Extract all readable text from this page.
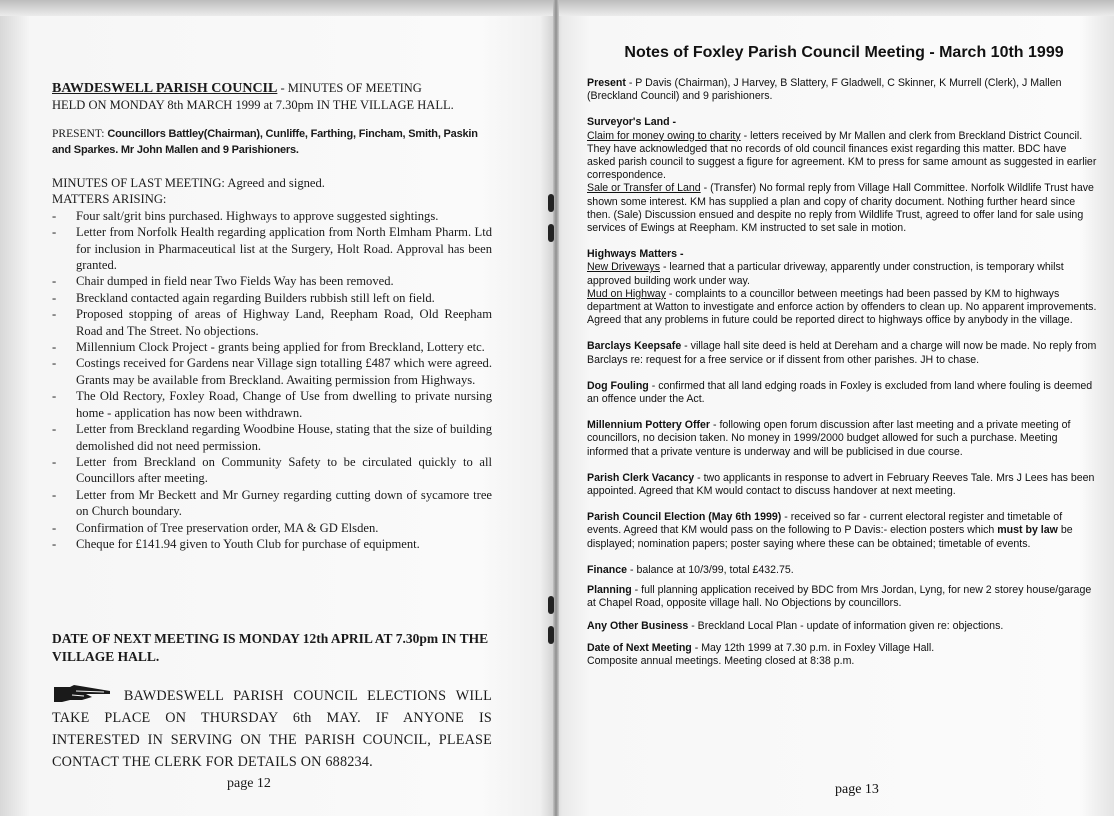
BAWDESWELL PARISH COUNCIL - MINUTES OF MEETING
HELD ON MONDAY 8th MARCH 1999 at 7.30pm IN THE VILLAGE HALL.
PRESENT: Councillors Battley(Chairman), Cunliffe, Farthing, Fincham, Smith, Paskin and Sparkes. Mr John Mallen and 9 Parishioners.
MINUTES OF LAST MEETING: Agreed and signed.
MATTERS ARISING:
- Four salt/grit bins purchased. Highways to approve suggested sightings.
- Letter from Norfolk Health regarding application from North Elmham Pharm. Ltd for inclusion in Pharmaceutical list at the Surgery, Holt Road. Approval has been granted.
- Chair dumped in field near Two Fields Way has been removed.
- Breckland contacted again regarding Builders rubbish still left on field.
- Proposed stopping of areas of Highway Land, Reepham Road, Old Reepham Road and The Street. No objections.
- Millennium Clock Project - grants being applied for from Breckland, Lottery etc.
- Costings received for Gardens near Village sign totalling £487 which were agreed. Grants may be available from Breckland. Awaiting permission from Highways.
- The Old Rectory, Foxley Road, Change of Use from dwelling to private nursing home - application has now been withdrawn.
- Letter from Breckland regarding Woodbine House, stating that the size of building demolished did not need permission.
- Letter from Breckland on Community Safety to be circulated quickly to all Councillors after meeting.
- Letter from Mr Beckett and Mr Gurney regarding cutting down of sycamore tree on Church boundary.
- Confirmation of Tree preservation order, MA & GD Elsden.
- Cheque for £141.94 given to Youth Club for purchase of equipment.
DATE OF NEXT MEETING IS MONDAY 12th APRIL AT 7.30pm IN THE VILLAGE HALL.
BAWDESWELL PARISH COUNCIL ELECTIONS WILL TAKE PLACE ON THURSDAY 6th MAY. IF ANYONE IS INTERESTED IN SERVING ON THE PARISH COUNCIL, PLEASE CONTACT THE CLERK FOR DETAILS ON 688234.
page 12
Notes of Foxley Parish Council Meeting - March 10th 1999

Present - P Davis (Chairman), J Harvey, B Slattery, F Gladwell, C Skinner, K Murrell (Clerk), J Mallen (Breckland Council) and 9 parishioners.

Surveyor's Land -

Claim for money owing to charity - letters received by Mr Mallen and clerk from Breckland District Council. They have acknowledged that no records of old council finances exist regarding this matter. BDC have asked parish council to suggest a figure for agreement. KM to press for same amount as suggested in earlier correspondence.

Sale or Transfer of Land - (Transfer) No formal reply from Village Hall Committee. Norfolk Wildlife Trust have shown some interest. KM has supplied a plan and copy of charity document. Nothing further heard since then. (Sale) Discussion ensued and despite no reply from Wildlife Trust, agreed to offer land for sale using services of Ewings at Reepham. KM instructed to set sale in motion.

Highways Matters -

New Driveways - learned that a particular driveway, apparently under construction, is temporary whilst approved building work under way.

Mud on Highway - complaints to a councillor between meetings had been passed by KM to highways department at Watton to investigate and enforce action by offenders to clean up. No apparent improvements. Agreed that any problems in future could be reported direct to highways office by anybody in the village.

Barclays Keepsafe - village hall site deed is held at Dereham and a charge will now be made. No reply from Barclays re: request for a free service or if dissent from other parishes. JH to chase.

Dog Fouling - confirmed that all land edging roads in Foxley is excluded from land where fouling is deemed an offence under the Act.

Millennium Pottery Offer - following open forum discussion after last meeting and a private meeting of councillors, no decision taken. No money in 1999/2000 budget allowed for such a purchase. Meeting informed that a private venture is underway and will be publicised in due course.

Parish Clerk Vacancy - two applicants in response to advert in February Reeves Tale. Mrs J Lees has been appointed. Agreed that KM would contact to discuss handover at next meeting.

Parish Council Election (May 6th 1999) - received so far - current electoral register and timetable of events. Agreed that KM would pass on the following to P Davis:- election posters which must by law be displayed; nomination papers; poster saying where these can be obtained; timetable of events.

Finance - balance at 10/3/99, total £432.75.

Planning - full planning application received by BDC from Mrs Jordan, Lyng, for new 2 storey house/garage at Chapel Road, opposite village hall. No Objections by councillors.

Any Other Business - Breckland Local Plan - update of information given re: objections.

Date of Next Meeting - May 12th 1999 at 7.30 p.m. in Foxley Village Hall.

Composite annual meetings. Meeting closed at 8:38 p.m.

page 13
